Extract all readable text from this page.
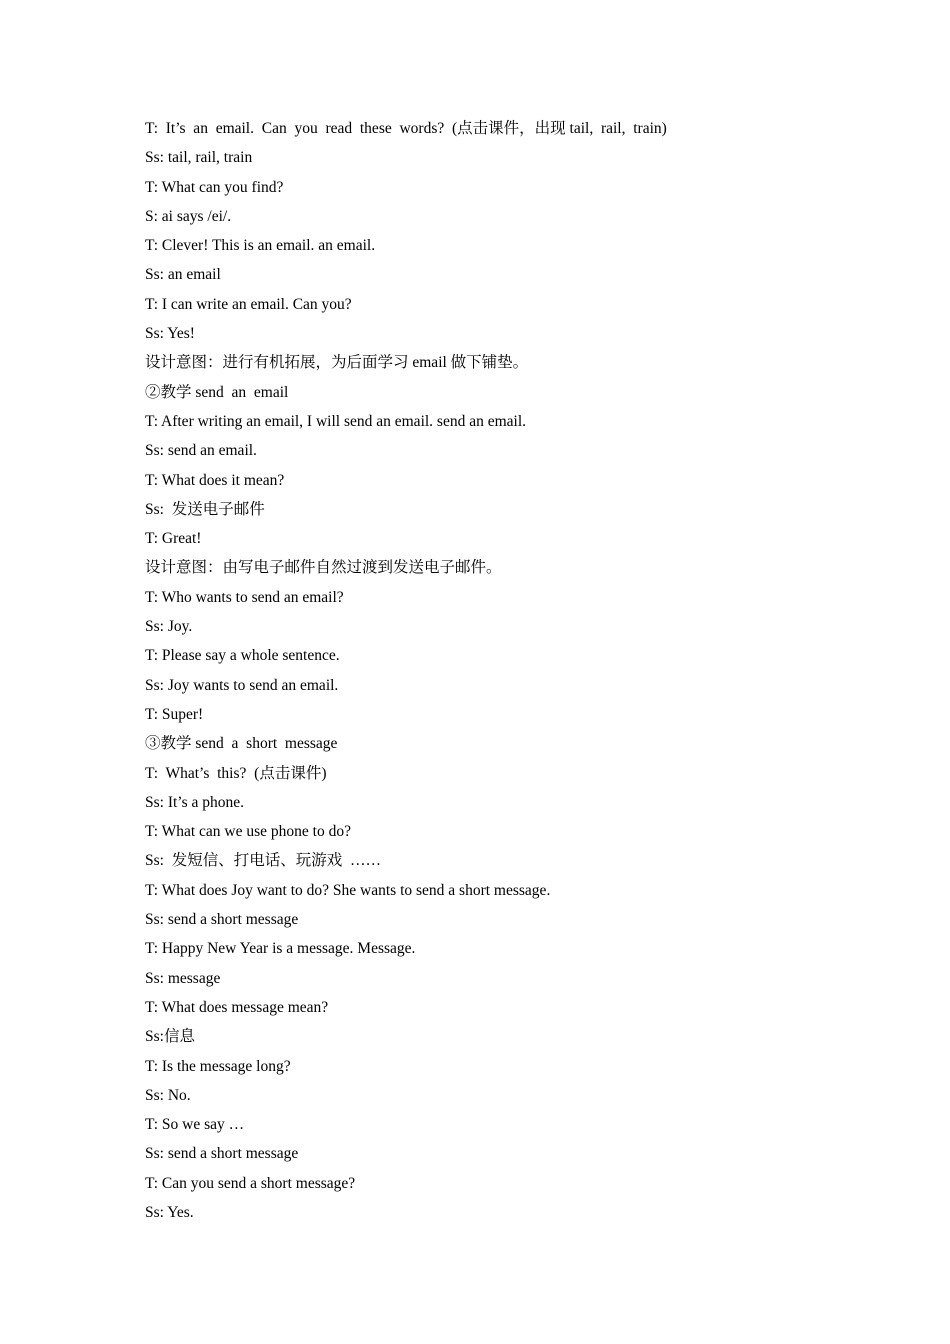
T:  It’s  an  email.  Can  you  read  these  words?  (点击课件，出现 tail,  rail,  train)
Ss: tail, rail, train
T: What can you find?
S: ai says /ei/.
T: Clever! This is an email. an email.
Ss: an email
T: I can write an email. Can you?
Ss: Yes!
设计意图：进行有机拓展，为后面学习 email 做下铺垫。
②教学 send  an  email
T: After writing an email, I will send an email. send an email.
Ss: send an email.
T: What does it mean?
Ss:  发送电子邮件
T: Great!
设计意图：由写电子邮件自然过渡到发送电子邮件。
T: Who wants to send an email?
Ss: Joy.
T: Please say a whole sentence.
Ss: Joy wants to send an email.
T: Super!
③教学 send  a  short  message
T:  What’s  this?  (点击课件)
Ss: It’s a phone.
T: What can we use phone to do?
Ss:  发短信、打电话、玩游戏  ……
T: What does Joy want to do? She wants to send a short message.
Ss: send a short message
T: Happy New Year is a message. Message.
Ss: message
T: What does message mean?
Ss:信息
T: Is the message long?
Ss: No.
T: So we say …
Ss: send a short message
T: Can you send a short message?
Ss: Yes.
